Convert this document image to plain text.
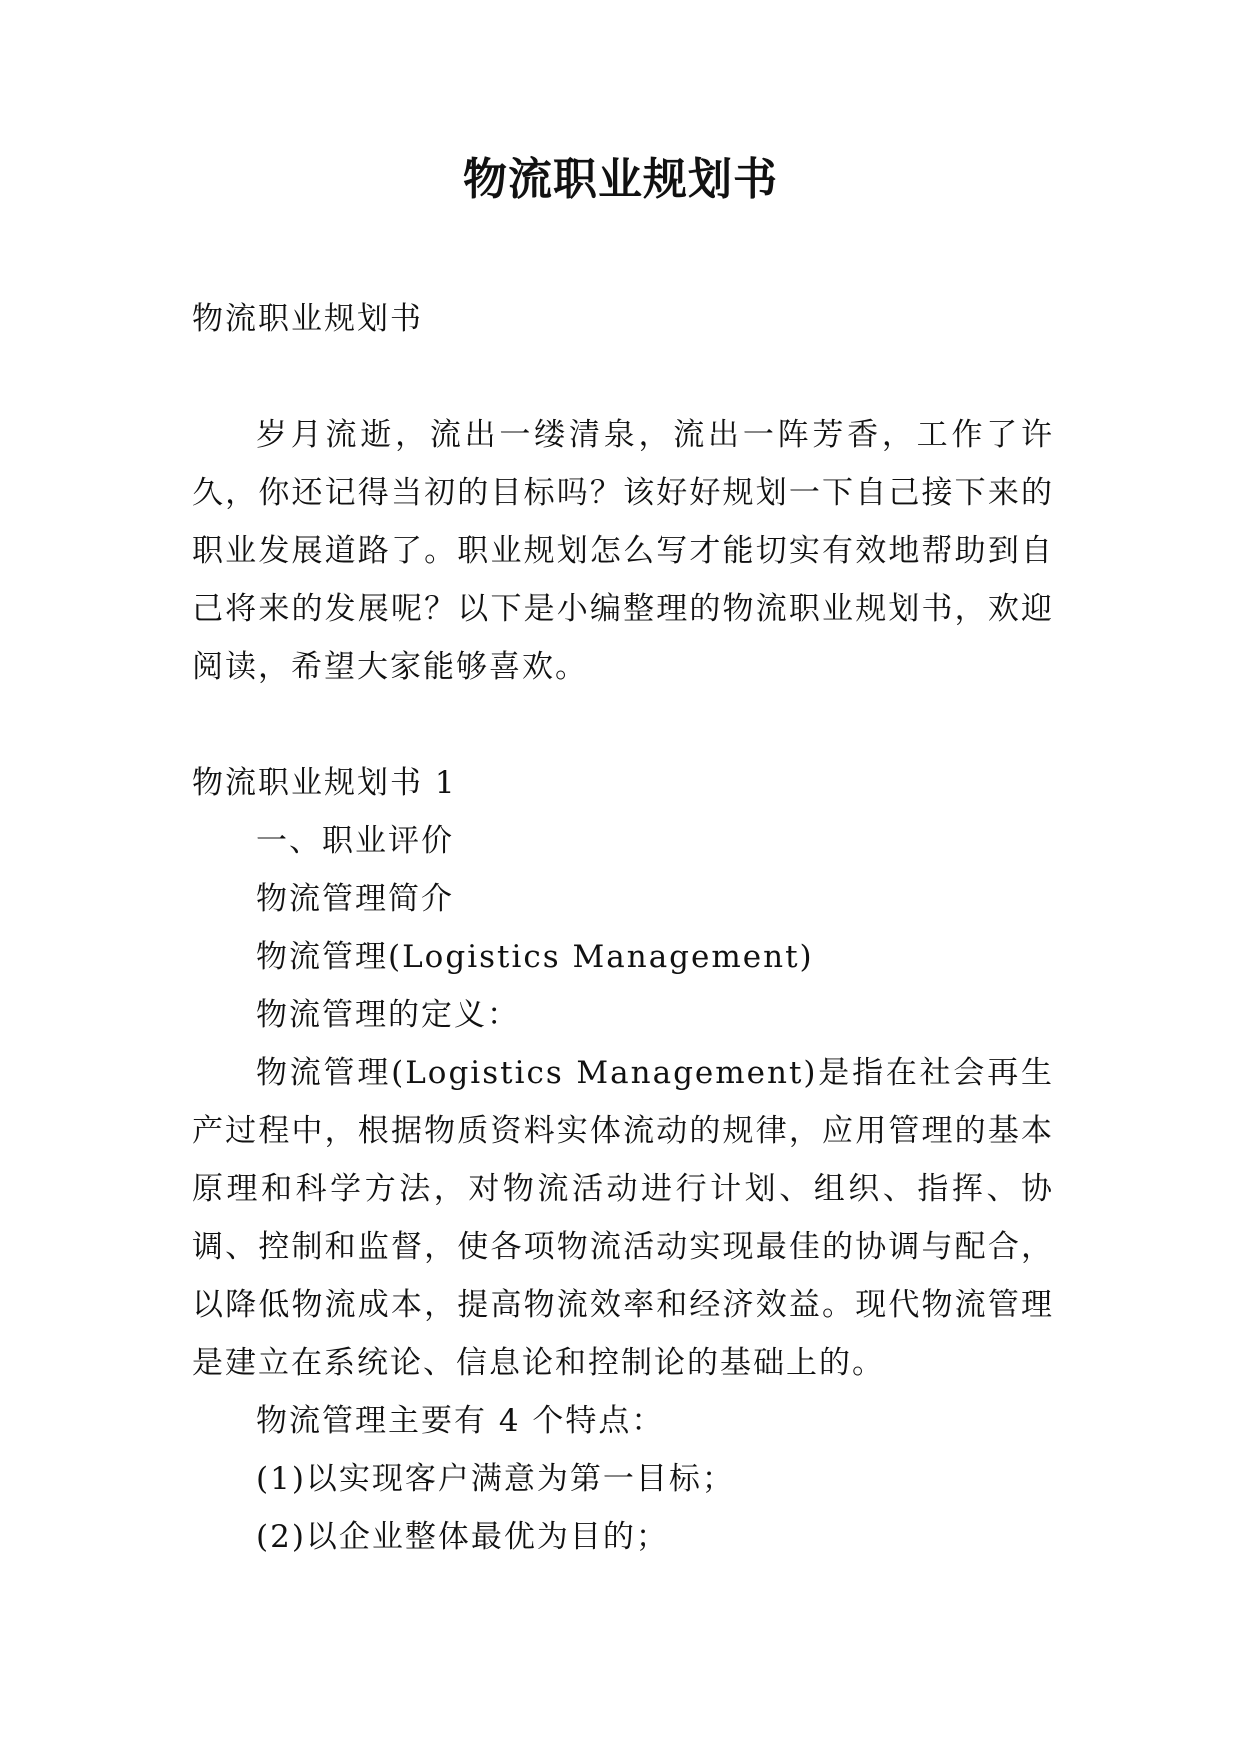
物流职业规划书

物流职业规划书

岁月流逝，流出一缕清泉，流出一阵芳香，工作了许久，你还记得当初的目标吗？该好好规划一下自己接下来的职业发展道路了。职业规划怎么写才能切实有效地帮助到自己将来的发展呢？以下是小编整理的物流职业规划书，欢迎阅读，希望大家能够喜欢。

物流职业规划书 1

一、职业评价

物流管理简介

物流管理(Logistics Management)

物流管理的定义：

物流管理(Logistics Management)是指在社会再生产过程中，根据物质资料实体流动的规律，应用管理的基本原理和科学方法，对物流活动进行计划、组织、指挥、协调、控制和监督，使各项物流活动实现最佳的协调与配合，以降低物流成本，提高物流效率和经济效益。现代物流管理是建立在系统论、信息论和控制论的基础上的。

物流管理主要有 4 个特点：

(1)以实现客户满意为第一目标；

(2)以企业整体最优为目的；
